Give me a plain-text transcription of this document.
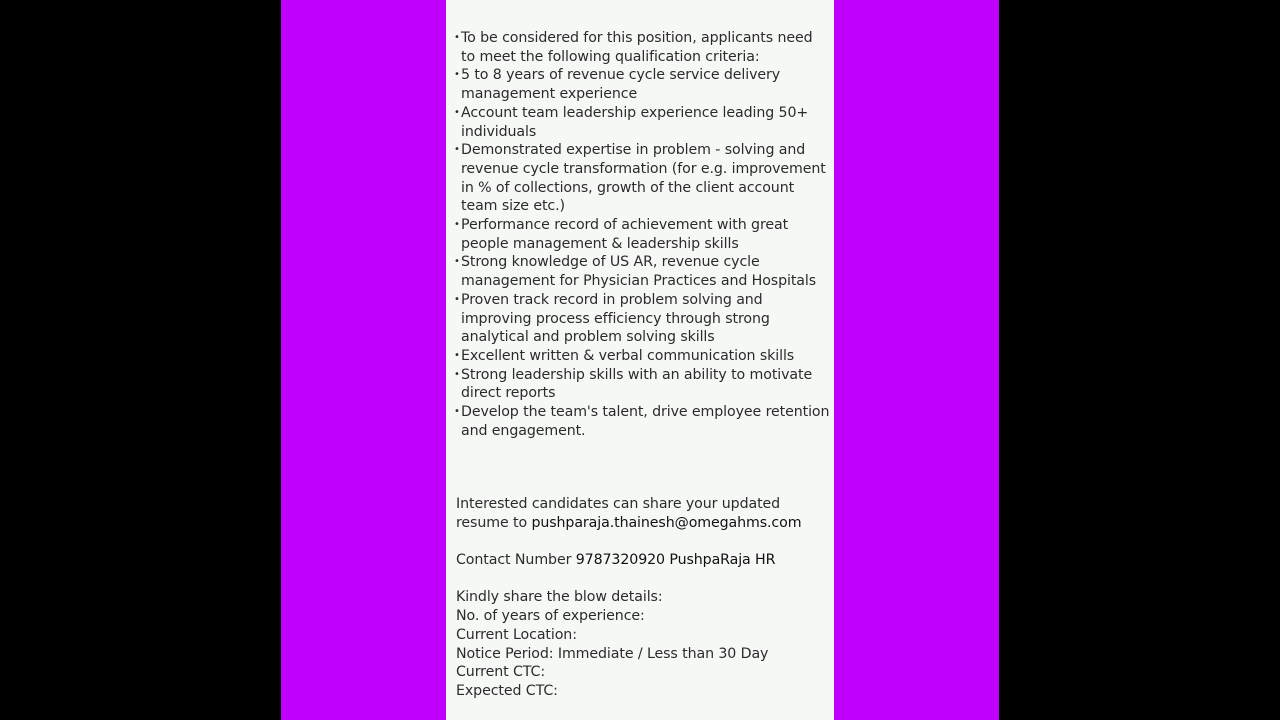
• To be considered for this position, applicants need
to meet the following qualification criteria:
• 5 to 8 years of revenue cycle service delivery
management experience
• Account team leadership experience leading 50+
individuals
• Demonstrated expertise in problem - solving and
revenue cycle transformation (for e.g. improvement
in % of collections, growth of the client account
team size etc.)
• Performance record of achievement with great
people management & leadership skills
• Strong knowledge of US AR, revenue cycle
management for Physician Practices and Hospitals
• Proven track record in problem solving and
improving process efficiency through strong
analytical and problem solving skills
• Excellent written & verbal communication skills
• Strong leadership skills with an ability to motivate
direct reports
• Develop the team's talent, drive employee retention
and engagement.
Interested candidates can share your updated
resume to pushparaja.thainesh@omegahms.com
Contact Number 9787320920 PushpaRaja HR
Kindly share the blow details:
No. of years of experience:
Current Location:
Notice Period: Immediate / Less than 30 Day
Current CTC:
Expected CTC:
